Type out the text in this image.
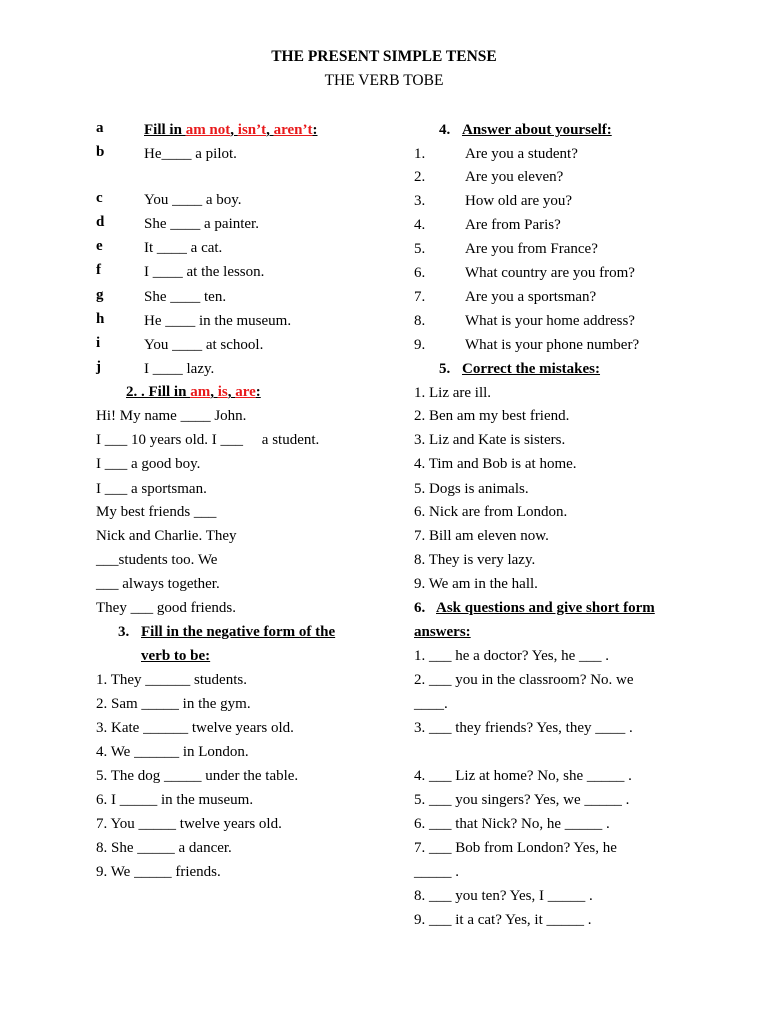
THE PRESENT SIMPLE TENSE
THE VERB TOBE
a	Fill in am not, isn’t, aren’t:
b	He____ a pilot.
c	You ____ a boy.
d	She ____ a painter.
e	It ____ a cat.
f	I ____ at the lesson.
g	She ____ ten.
h	He ____ in the museum.
i	You ____ at school.
j	I ____ lazy.
2. . Fill in am, is, are:
Hi! My name ____ John.
I ___ 10 years old. I ___     a student.
I ___ a good boy.
I ___ a sportsman.
My best friends ___
Nick and Charlie. They
___students too. We
___ always together.
They ___ good friends.
3. Fill in the negative form of the
verb to be:
1. They ______ students.
2. Sam _____ in the gym.
3. Kate ______ twelve years old.
4. We ______ in London.
5. The dog _____ under the table.
6. I _____ in the museum.
7. You _____ twelve years old.
8. She _____ a dancer.
9. We _____ friends.
4. Answer about yourself:
1.	Are you a student?
2.	Are you eleven?
3.	How old are you?
4.	Are from Paris?
5.	Are you from France?
6.	What country are you from?
7.	Are you a sportsman?
8.	What is your home address?
9.	What is your phone number?
5. Correct the mistakes:
1. Liz are ill.
2. Ben am my best friend.
3. Liz and Kate is sisters.
4. Tim and Bob is at home.
5. Dogs is animals.
6. Nick are from London.
7. Bill am eleven now.
8. They is very lazy.
9. We am in the hall.
6. Ask questions and give short form
answers:
1. ___ he a doctor? Yes, he ___ .
2. ___ you in the classroom? No. we
____.
3. ___ they friends? Yes, they ____ .
4. ___ Liz at home? No, she _____ .
5. ___ you singers? Yes, we _____ .
6. ___ that Nick? No, he _____ .
7. ___ Bob from London? Yes, he
_____ .
8. ___ you ten? Yes, I _____ .
9. ___ it a cat? Yes, it _____ .
